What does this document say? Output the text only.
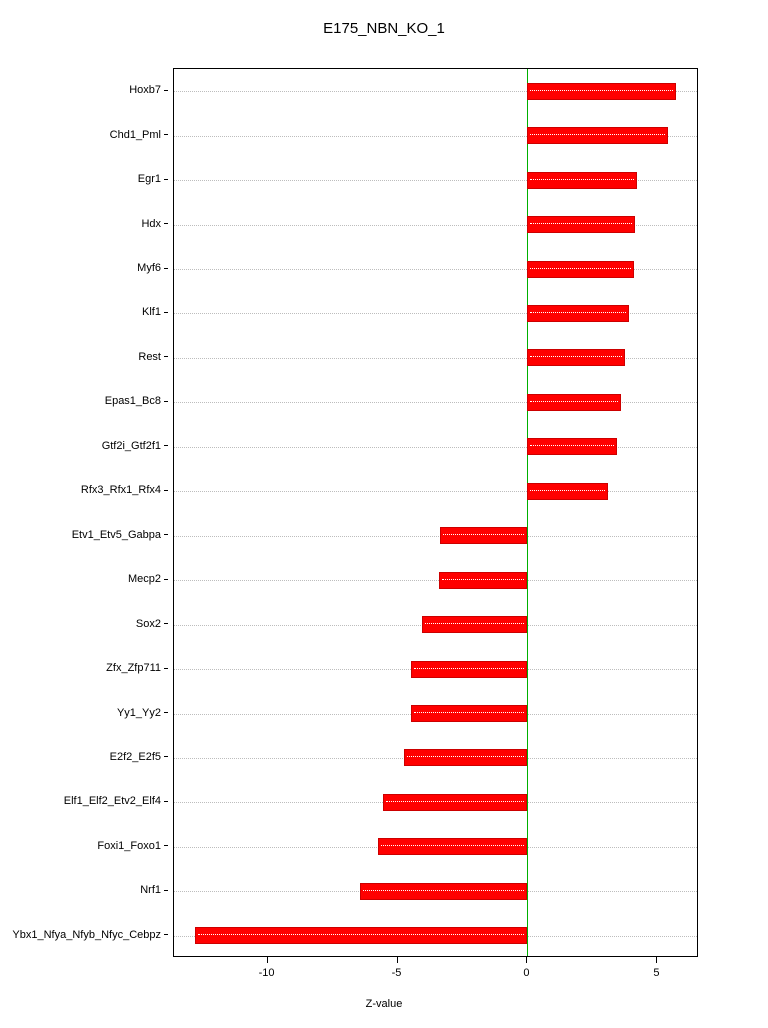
E175_NBN_KO_1
Hoxb7
Chd1_Pml
Egr1
Hdx
Myf6
Klf1
Rest
Epas1_Bc8
Gtf2i_Gtf2f1
Rfx3_Rfx1_Rfx4
Etv1_Etv5_Gabpa
Mecp2
Sox2
Zfx_Zfp711
Yy1_Yy2
E2f2_E2f5
Elf1_Elf2_Etv2_Elf4
Foxi1_Foxo1
Nrf1
Ybx1_Nfya_Nfyb_Nfyc_Cebpz
-10	-5	0	5
Z-value
